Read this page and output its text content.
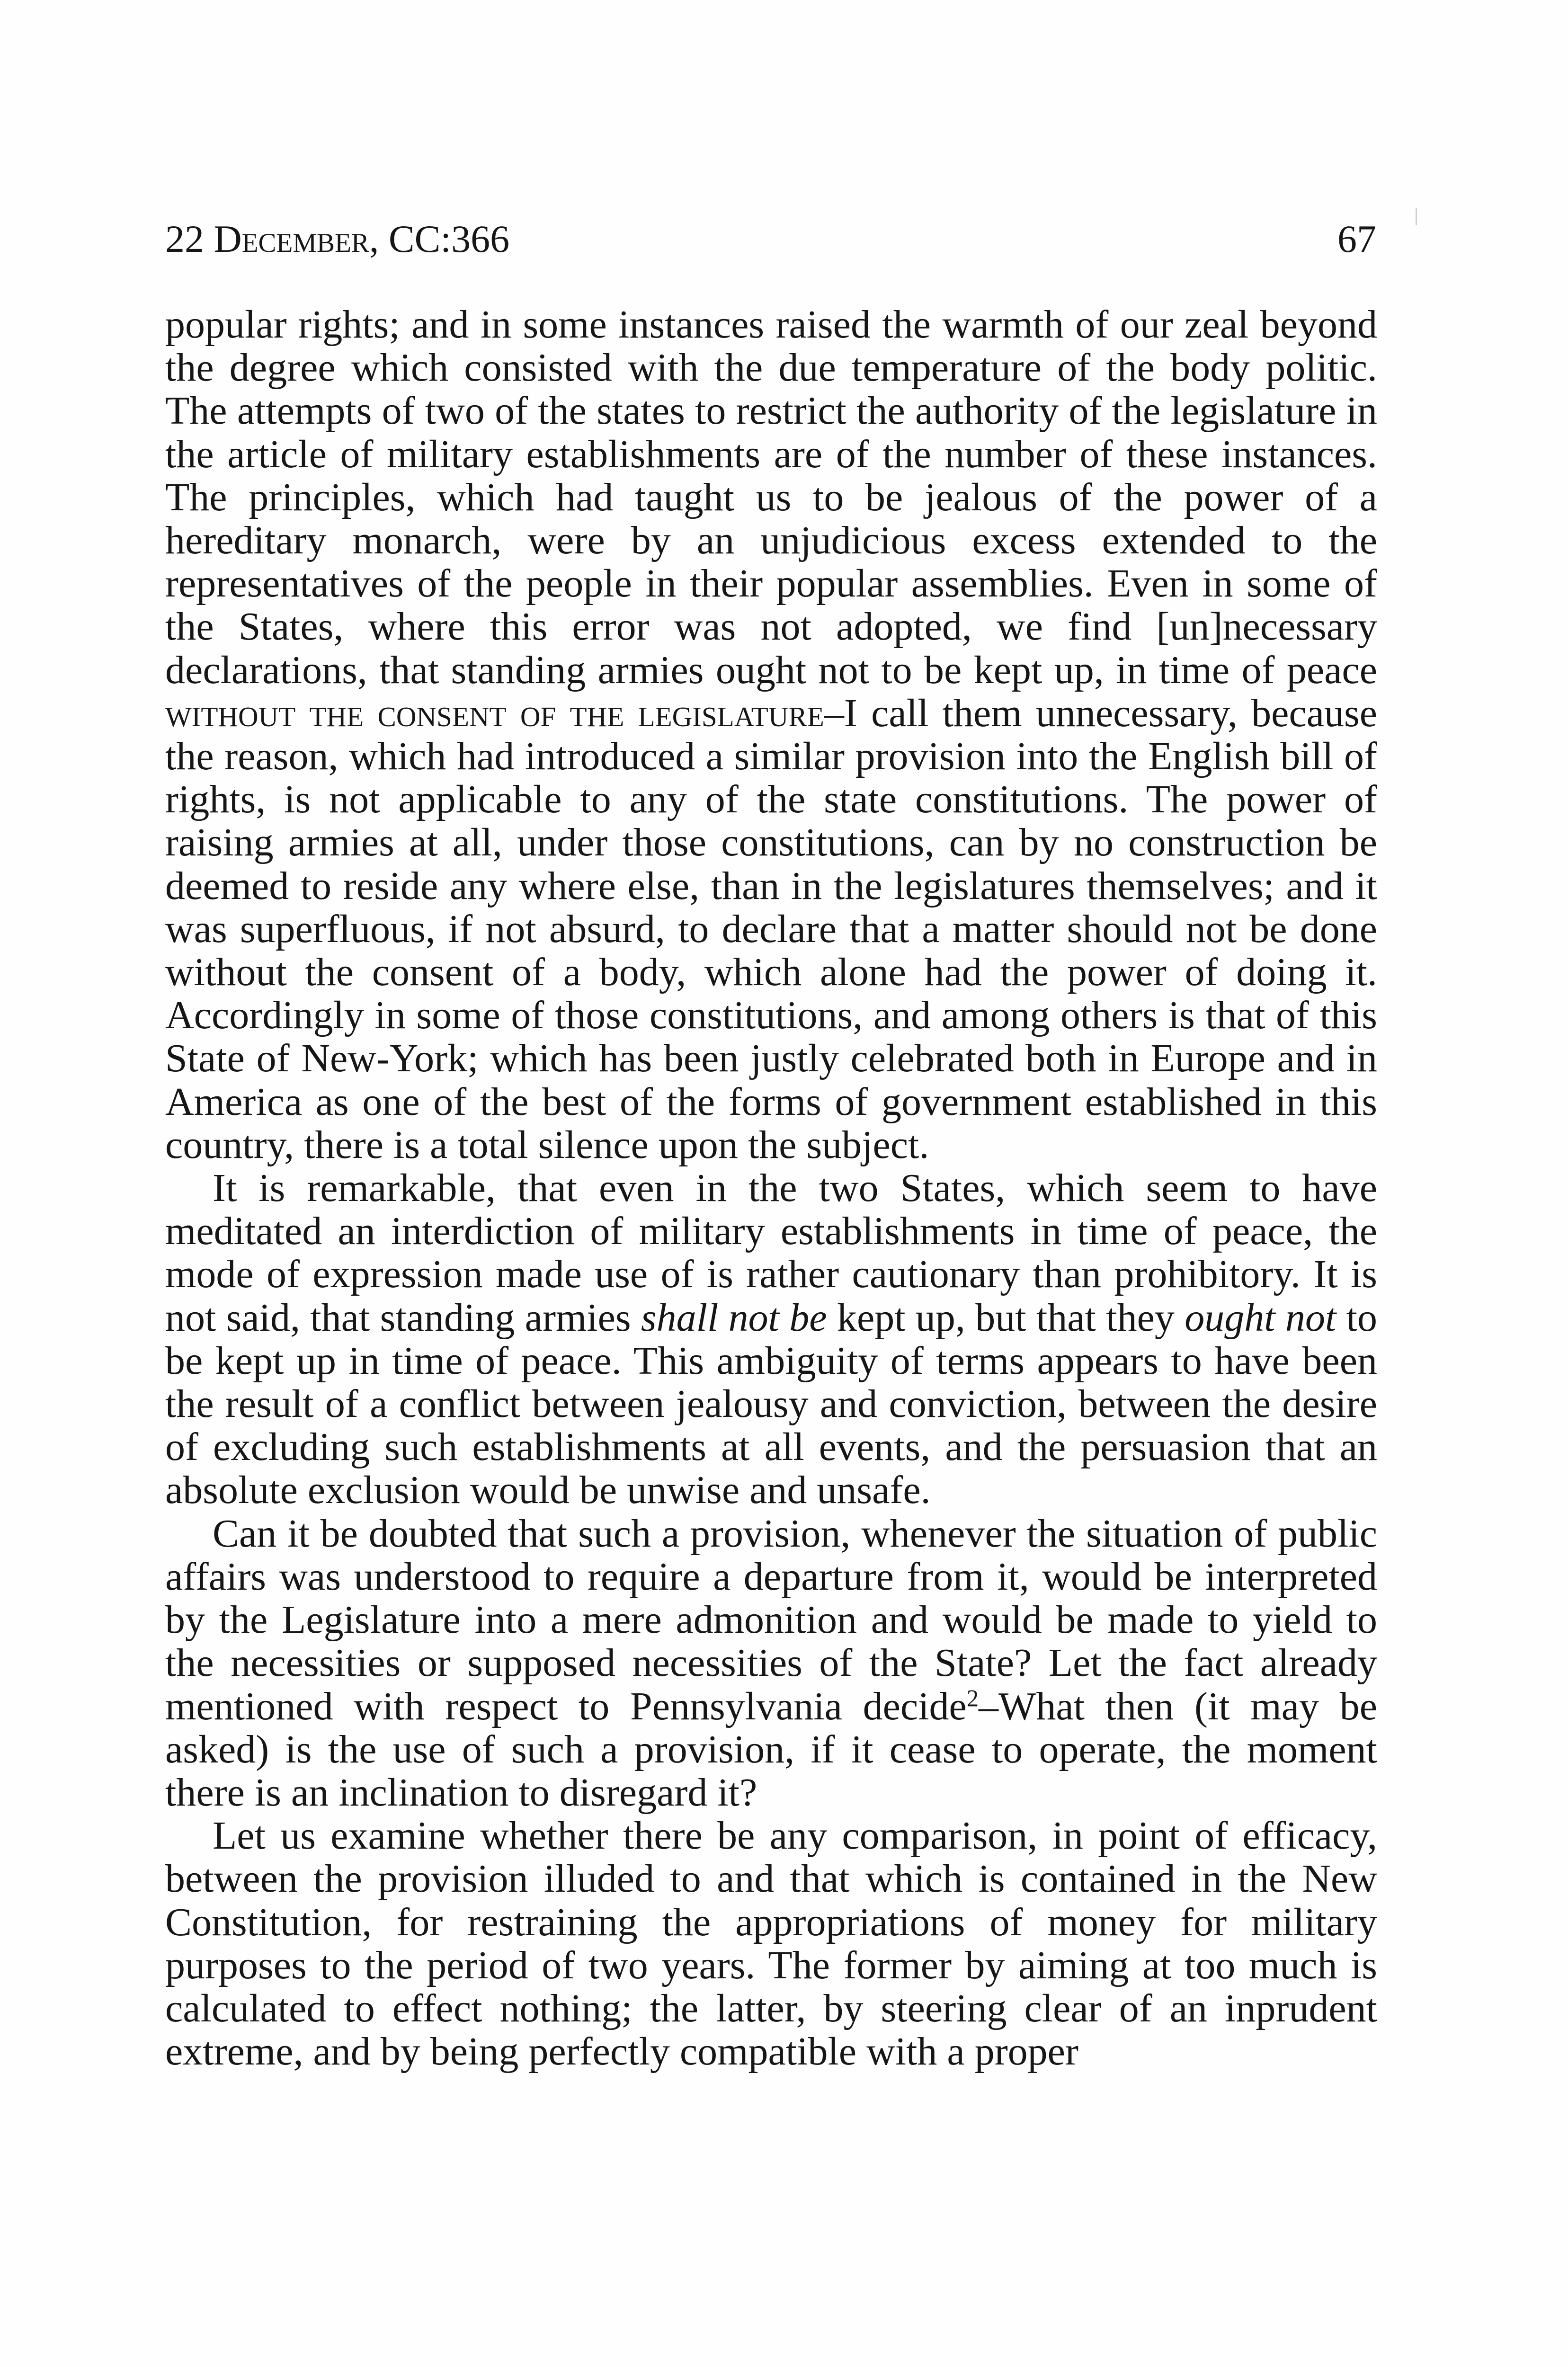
22 December, CC:366	67

popular rights; and in some instances raised the warmth of our zeal beyond the degree which consisted with the due temperature of the body politic. The attempts of two of the states to restrict the authority of the legislature in the article of military establishments are of the number of these instances. The principles, which had taught us to be jealous of the power of a hereditary monarch, were by an unjudicious excess extended to the representatives of the people in their popular assemblies. Even in some of the States, where this error was not adopted, we find [un]necessary declarations, that standing armies ought not to be kept up, in time of peace without the consent of the legislature–I call them unnecessary, because the reason, which had introduced a similar provision into the English bill of rights, is not applicable to any of the state constitutions. The power of raising armies at all, under those constitutions, can by no construction be deemed to reside any where else, than in the legislatures themselves; and it was superfluous, if not absurd, to declare that a matter should not be done without the consent of a body, which alone had the power of doing it. Accordingly in some of those constitutions, and among others is that of this State of New-York; which has been justly celebrated both in Europe and in America as one of the best of the forms of government established in this country, there is a total silence upon the subject.

It is remarkable, that even in the two States, which seem to have meditated an interdiction of military establishments in time of peace, the mode of expression made use of is rather cautionary than prohibitory. It is not said, that standing armies shall not be kept up, but that they ought not to be kept up in time of peace. This ambiguity of terms appears to have been the result of a conflict between jealousy and conviction, between the desire of excluding such establishments at all events, and the persuasion that an absolute exclusion would be unwise and unsafe.

Can it be doubted that such a provision, whenever the situation of public affairs was understood to require a departure from it, would be interpreted by the Legislature into a mere admonition and would be made to yield to the necessities or supposed necessities of the State? Let the fact already mentioned with respect to Pennsylvania decide$^2$–What then (it may be asked) is the use of such a provision, if it cease to operate, the moment there is an inclination to disregard it?

Let us examine whether there be any comparison, in point of efficacy, between the provision illuded to and that which is contained in the New Constitution, for restraining the appropriations of money for military purposes to the period of two years. The former by aiming at too much is calculated to effect nothing; the latter, by steering clear of an inprudent extreme, and by being perfectly compatible with a proper
